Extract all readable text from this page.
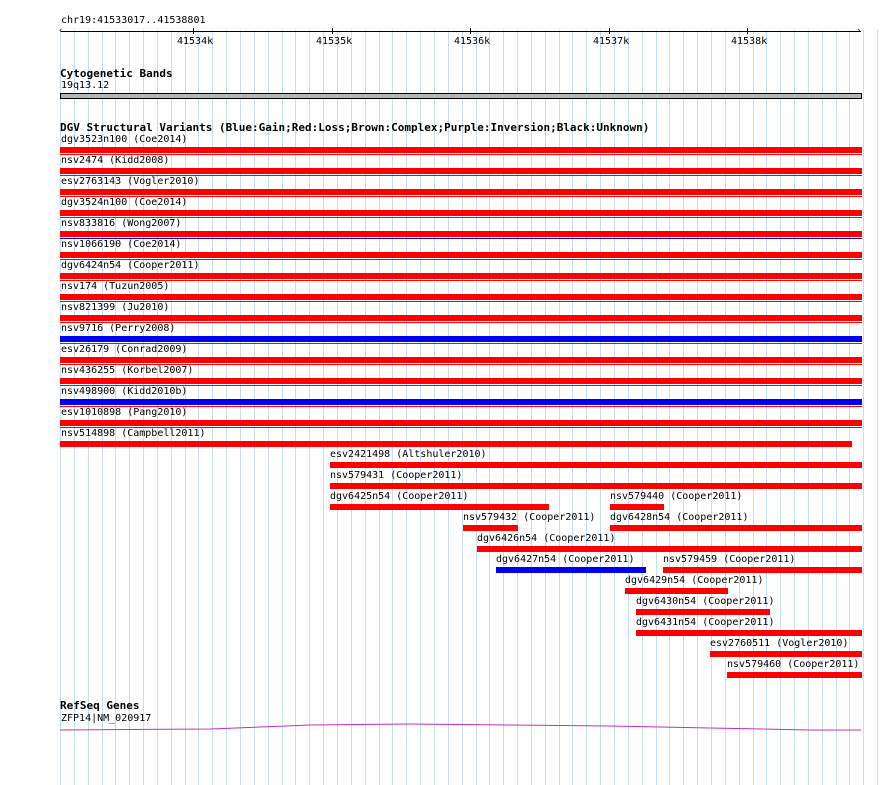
chr19:41533017..41538801
‹	›
41534k	41535k	41536k	41537k	41538k
Cytogenetic Bands
19q13.12
DGV Structural Variants (Blue:Gain;Red:Loss;Brown:Complex;Purple:Inversion;Black:Unknown)
dgv3523n100 (Coe2014)
nsv2474 (Kidd2008)
esv2763143 (Vogler2010)
dgv3524n100 (Coe2014)
nsv833816 (Wong2007)
nsv1066190 (Coe2014)
dgv6424n54 (Cooper2011)
nsv174 (Tuzun2005)
nsv821399 (Ju2010)
nsv9716 (Perry2008)
esv26179 (Conrad2009)
nsv436255 (Korbel2007)
nsv498900 (Kidd2010b)
esv1010898 (Pang2010)
nsv514898 (Campbell2011)
esv2421498 (Altshuler2010)
nsv579431 (Cooper2011)
dgv6425n54 (Cooper2011)	nsv579440 (Cooper2011)
nsv579432 (Cooper2011) dgv6428n54 (Cooper2011)
dgv6426n54 (Cooper2011)
dgv6427n54 (Cooper2011)	nsv579459 (Cooper2011)
dgv6429n54 (Cooper2011)
dgv6430n54 (Cooper2011)
dgv6431n54 (Cooper2011)
esv2760511 (Vogler2010)
nsv579460 (Cooper2011)
RefSeq Genes
ZFP14|NM_020917
